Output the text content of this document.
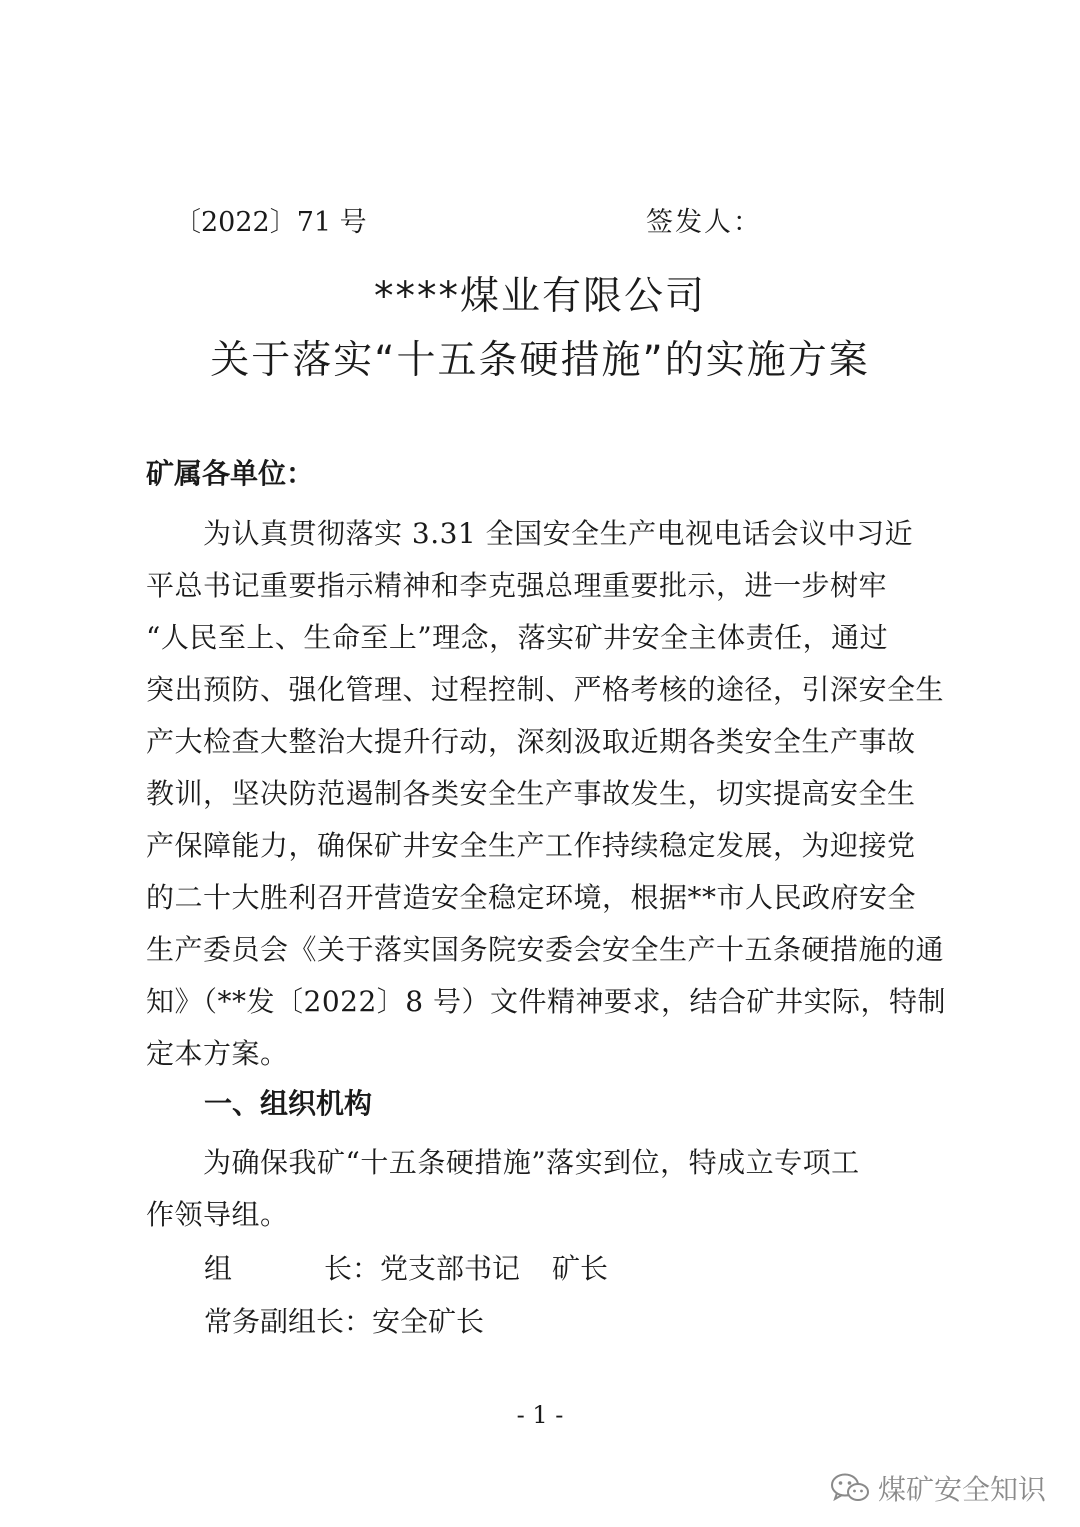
〔2022〕71 号	签发人：
****煤业有限公司
关于落实“十五条硬措施”的实施方案
矿属各单位：
　　为认真贯彻落实 3.31 全国安全生产电视电话会议中习近
平总书记重要指示精神和李克强总理重要批示，进一步树牢
“人民至上、生命至上”理念，落实矿井安全主体责任，通过
突出预防、强化管理、过程控制、严格考核的途径，引深安全生
产大检查大整治大提升行动，深刻汲取近期各类安全生产事故
教训，坚决防范遏制各类安全生产事故发生，切实提高安全生
产保障能力，确保矿井安全生产工作持续稳定发展，为迎接党
的二十大胜利召开营造安全稳定环境，根据**市人民政府安全
生产委员会《关于落实国务院安委会安全生产十五条硬措施的通
知》（**发〔2022〕8 号）文件精神要求，结合矿井实际，特制
定本方案。
一、组织机构
　　为确保我矿“十五条硬措施”落实到位，特成立专项工
作领导组。
组	长：党支部书记 矿长
常务副组长：安全矿长
- 1 -
煤矿安全知识
